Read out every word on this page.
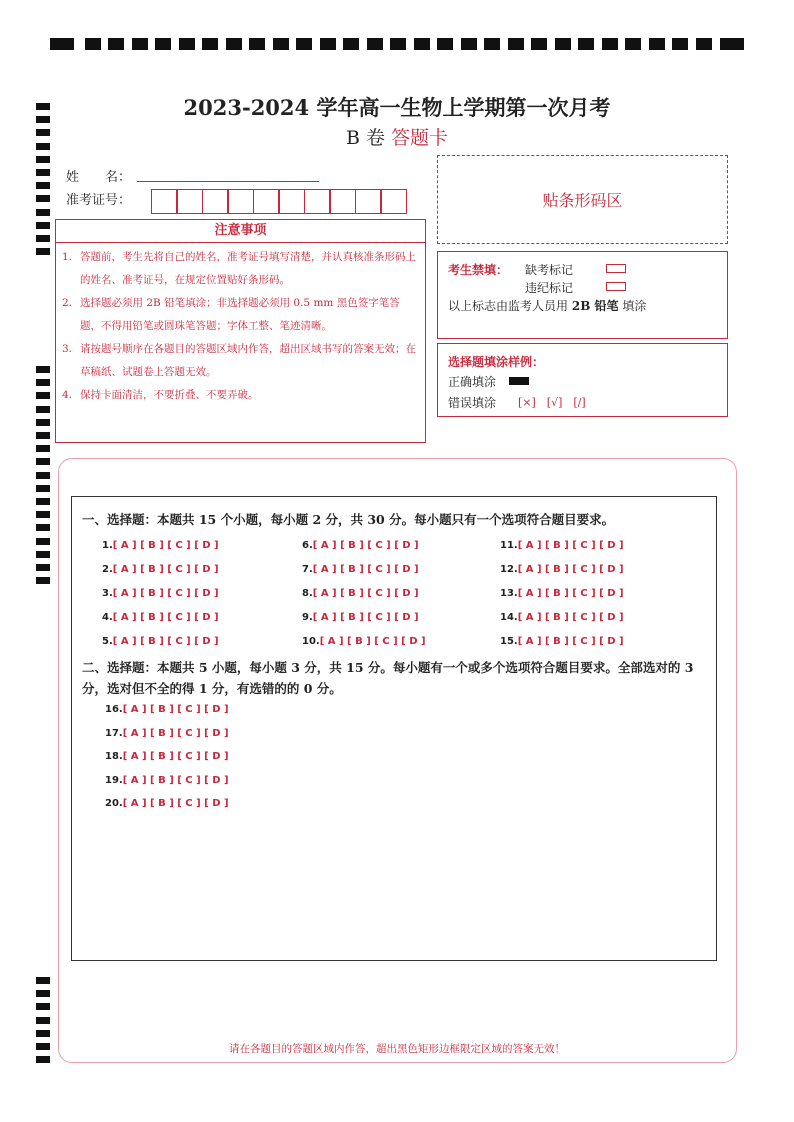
2023-2024 学年高一生物上学期第一次月考
B 卷 答题卡
姓　　名：
准考证号：	贴条形码区
注意事项
1. 答题前，考生先将自己的姓名，准考证号填写清楚，并认真核准条形码上的姓名、准考证号，在规定位置贴好条形码。
2. 选择题必须用 2B 铅笔填涂；非选择题必须用 0.5 mm 黑色签字笔答题，不得用铅笔或圆珠笔答题；字体工整、笔迹清晰。
3. 请按题号顺序在各题目的答题区域内作答，超出区域书写的答案无效；在草稿纸、试题卷上答题无效。
4. 保持卡面清洁，不要折叠、不要弄破。
考生禁填： 缺考标记
违纪标记
以上标志由监考人员用 2B 铅笔 填涂
选择题填涂样例：
正确填涂
错误填涂 [×]　[√]　[/]
一、选择题：本题共 15 个小题，每小题 2 分，共 30 分。每小题只有一个选项符合题目要求。
1.[ A ] [ B ] [ C ] [ D ]
2.[ A ] [ B ] [ C ] [ D ]
3.[ A ] [ B ] [ C ] [ D ]
4.[ A ] [ B ] [ C ] [ D ]
5.[ A ] [ B ] [ C ] [ D ]
6.[ A ] [ B ] [ C ] [ D ]
7.[ A ] [ B ] [ C ] [ D ]
8.[ A ] [ B ] [ C ] [ D ]
9.[ A ] [ B ] [ C ] [ D ]
10.[ A ] [ B ] [ C ] [ D ]
11.[ A ] [ B ] [ C ] [ D ]
12.[ A ] [ B ] [ C ] [ D ]
13.[ A ] [ B ] [ C ] [ D ]
14.[ A ] [ B ] [ C ] [ D ]
15.[ A ] [ B ] [ C ] [ D ]
二、选择题：本题共 5 小题，每小题 3 分，共 15 分。每小题有一个或多个选项符合题目要求。全部选对的 3 分，选对但不全的得 1 分，有选错的的 0 分。
16.[ A ] [ B ] [ C ] [ D ]
17.[ A ] [ B ] [ C ] [ D ]
18.[ A ] [ B ] [ C ] [ D ]
19.[ A ] [ B ] [ C ] [ D ]
20.[ A ] [ B ] [ C ] [ D ]
请在各题目的答题区域内作答，超出黑色矩形边框限定区域的答案无效！
